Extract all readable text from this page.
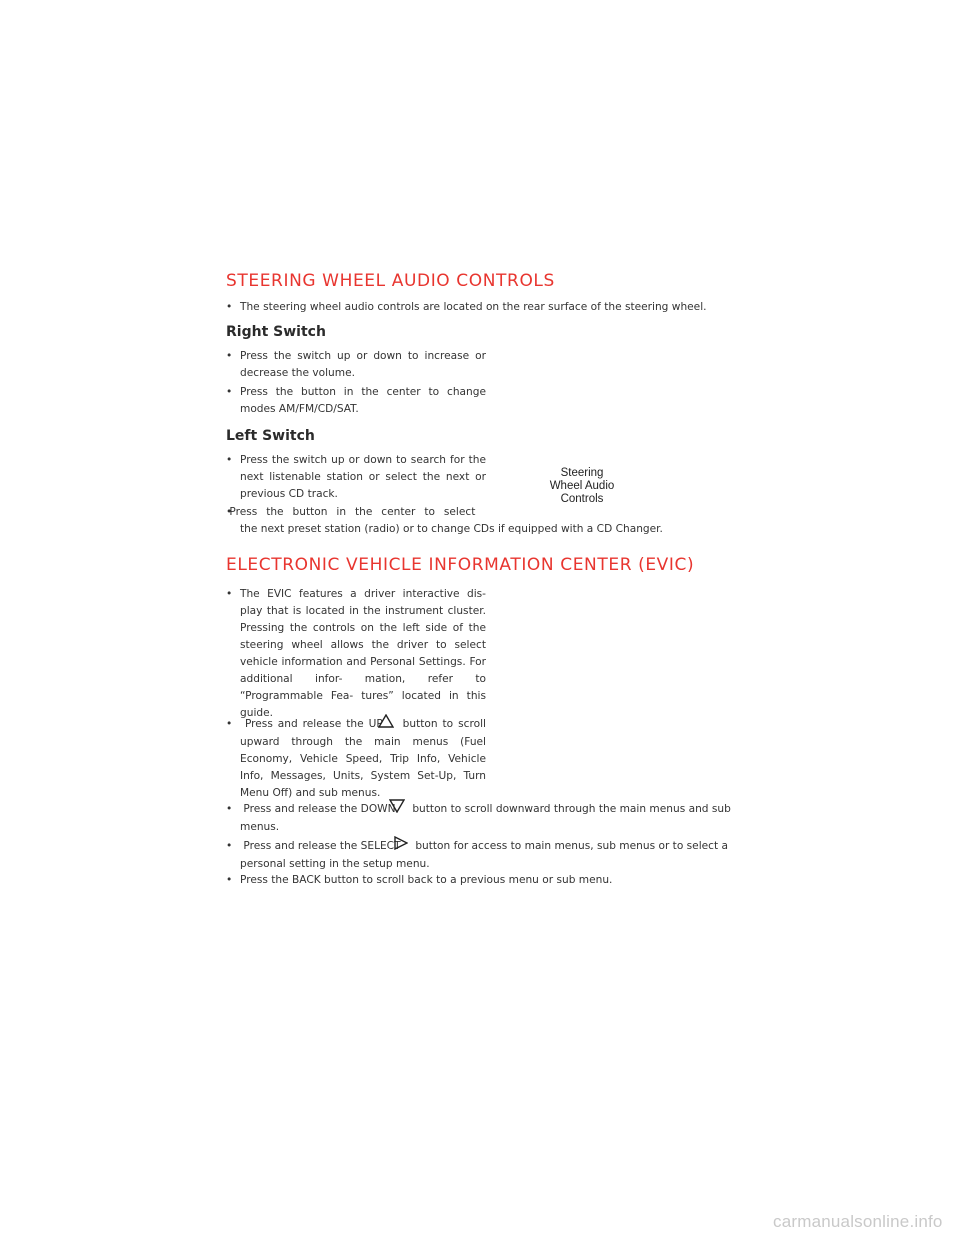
STEERING WHEEL AUDIO CONTROLS

• The steering wheel audio controls are located on the rear surface of the steering wheel.

Right Switch

• Press the switch up or down to increase or decrease the volume.

• Press the button in the center to change modes AM/FM/CD/SAT.

Left Switch

• Press the switch up or down to search for the next listenable station or select the next or previous CD track.

• Press the button in the center to select
the next preset station (radio) or to change CDs if equipped with a CD Changer.
Steering
Wheel Audio
Controls
ELECTRONIC VEHICLE INFORMATION CENTER (EVIC)

• The EVIC features a driver interactive dis- play that is located in the instrument cluster. Pressing the controls on the left side of the steering wheel allows the driver to select vehicle information and Personal Settings. For additional infor- mation, refer to “Programmable Fea- tures” located in this guide.

• Press and release the UP button to scroll upward through the main menus (Fuel Economy, Vehicle Speed, Trip Info, Vehicle Info, Messages, Units, System Set-Up, Turn Menu Off) and sub menus.
• Press and release the DOWN button to scroll downward through the main menus and sub menus.
• Press and release the SELECT button for access to main menus, sub menus or to select a personal setting in the setup menu.

• Press the BACK button to scroll back to a previous menu or sub menu.

carmanualsonline.info
